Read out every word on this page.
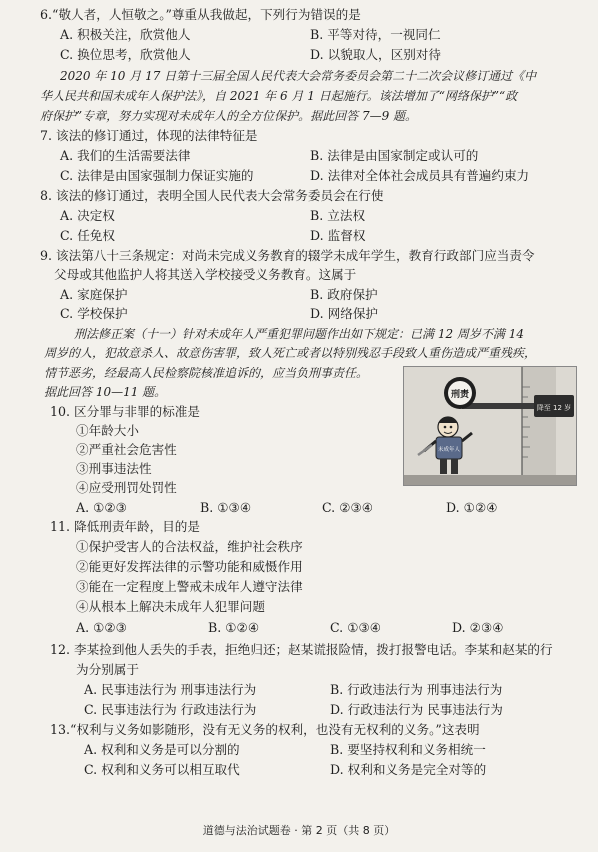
6.“敬人者，人恒敬之。”尊重从我做起，下列行为错误的是
A. 积极关注，欣赏他人	B. 平等对待，一视同仁
C. 换位思考，欣赏他人	D. 以貌取人，区别对待
2020 年 10 月 17 日第十三届全国人民代表大会常务委员会第二十二次会议修订通过《中
华人民共和国未成年人保护法》，自 2021 年 6 月 1 日起施行。该法增加了“网络保护”“政
府保护”专章，努力实现对未成年人的全方位保护。据此回答 7—9 题。
7. 该法的修订通过，体现的法律特征是
A. 我们的生活需要法律	B. 法律是由国家制定或认可的
C. 法律是由国家强制力保证实施的	D. 法律对全体社会成员具有普遍约束力
8. 该法的修订通过，表明全国人民代表大会常务委员会在行使
A. 决定权	B. 立法权
C. 任免权	D. 监督权
9. 该法第八十三条规定：对尚未完成义务教育的辍学未成年学生，教育行政部门应当责令
父母或其他监护人将其送入学校接受义务教育。这属于
A. 家庭保护	B. 政府保护
C. 学校保护	D. 网络保护
刑法修正案（十一）针对未成年人严重犯罪问题作出如下规定：已满 12 周岁不满 14
周岁的人，犯故意杀人、故意伤害罪，致人死亡或者以特别残忍手段致人重伤造成严重残疾，
情节恶劣，经最高人民检察院核准追诉的，应当负刑事责任。
据此回答 10—11 题。	刑责
降至 12 岁
未成年人
10. 区分罪与非罪的标准是
①年龄大小
②严重社会危害性
③刑事违法性
④应受刑罚处罚性
A. ①②③	B. ①③④	C. ②③④	D. ①②④
11. 降低刑责年龄，目的是
①保护受害人的合法权益，维护社会秩序
②能更好发挥法律的示警功能和威慑作用
③能在一定程度上警戒未成年人遵守法律
④从根本上解决未成年人犯罪问题
A. ①②③	B. ①②④	C. ①③④	D. ②③④
12. 李某捡到他人丢失的手表，拒绝归还；赵某谎报险情，拨打报警电话。李某和赵某的行
为分别属于
A. 民事违法行为 刑事违法行为	B. 行政违法行为 刑事违法行为
C. 民事违法行为 行政违法行为	D. 行政违法行为 民事违法行为
13.“权利与义务如影随形，没有无义务的权利，也没有无权利的义务。”这表明
A. 权利和义务是可以分割的	B. 要坚持权利和义务相统一
C. 权利和义务可以相互取代	D. 权利和义务是完全对等的
道德与法治试题卷 · 第 2 页（共 8 页）
